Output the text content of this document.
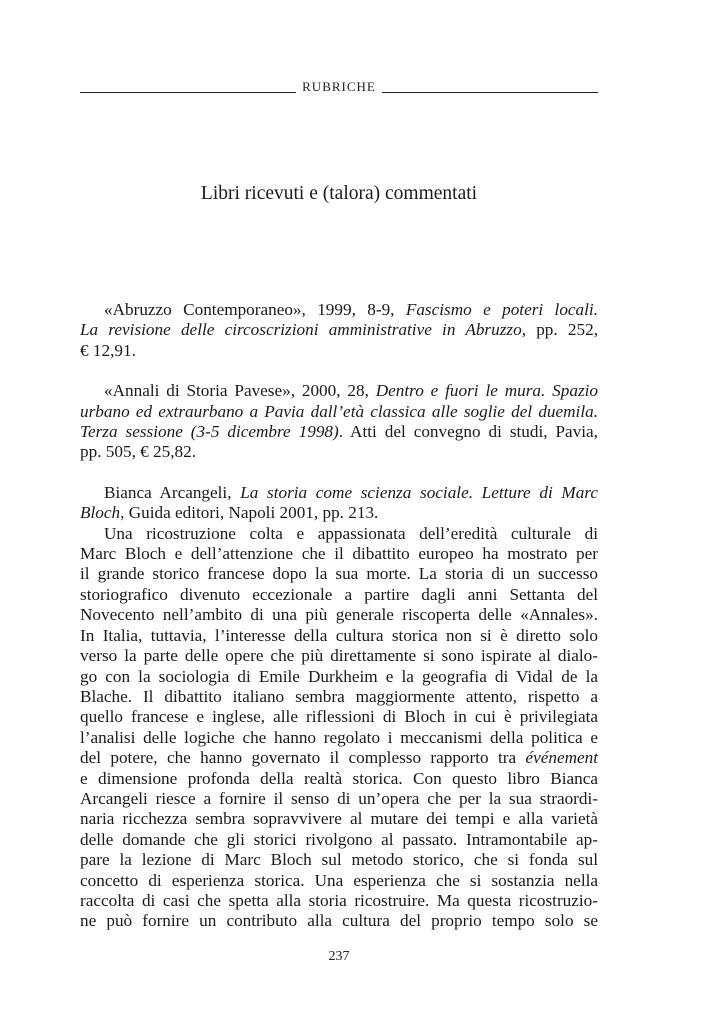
RUBRICHE
Libri ricevuti e (talora) commentati
«Abruzzo Contemporaneo», 1999, 8-9, Fascismo e poteri locali.
La revisione delle circoscrizioni amministrative in Abruzzo, pp. 252,
€ 12,91.
«Annali di Storia Pavese», 2000, 28, Dentro e fuori le mura. Spazio
urbano ed extraurbano a Pavia dall’età classica alle soglie del duemila.
Terza sessione (3-5 dicembre 1998). Atti del convegno di studi, Pavia,
pp. 505, € 25,82.
Bianca Arcangeli, La storia come scienza sociale. Letture di Marc
Bloch, Guida editori, Napoli 2001, pp. 213.
Una ricostruzione colta e appassionata dell’eredità culturale di
Marc Bloch e dell’attenzione che il dibattito europeo ha mostrato per
il grande storico francese dopo la sua morte. La storia di un successo
storiografico divenuto eccezionale a partire dagli anni Settanta del
Novecento nell’ambito di una più generale riscoperta delle «Annales».
In Italia, tuttavia, l’interesse della cultura storica non si è diretto solo
verso la parte delle opere che più direttamente si sono ispirate al dialo-
go con la sociologia di Emile Durkheim e la geografia di Vidal de la
Blache. Il dibattito italiano sembra maggiormente attento, rispetto a
quello francese e inglese, alle riflessioni di Bloch in cui è privilegiata
l’analisi delle logiche che hanno regolato i meccanismi della politica e
del potere, che hanno governato il complesso rapporto tra événement
e dimensione profonda della realtà storica. Con questo libro Bianca
Arcangeli riesce a fornire il senso di un’opera che per la sua straordi-
naria ricchezza sembra sopravvivere al mutare dei tempi e alla varietà
delle domande che gli storici rivolgono al passato. Intramontabile ap-
pare la lezione di Marc Bloch sul metodo storico, che si fonda sul
concetto di esperienza storica. Una esperienza che si sostanzia nella
raccolta di casi che spetta alla storia ricostruire. Ma questa ricostruzio-
ne può fornire un contributo alla cultura del proprio tempo solo se
237
